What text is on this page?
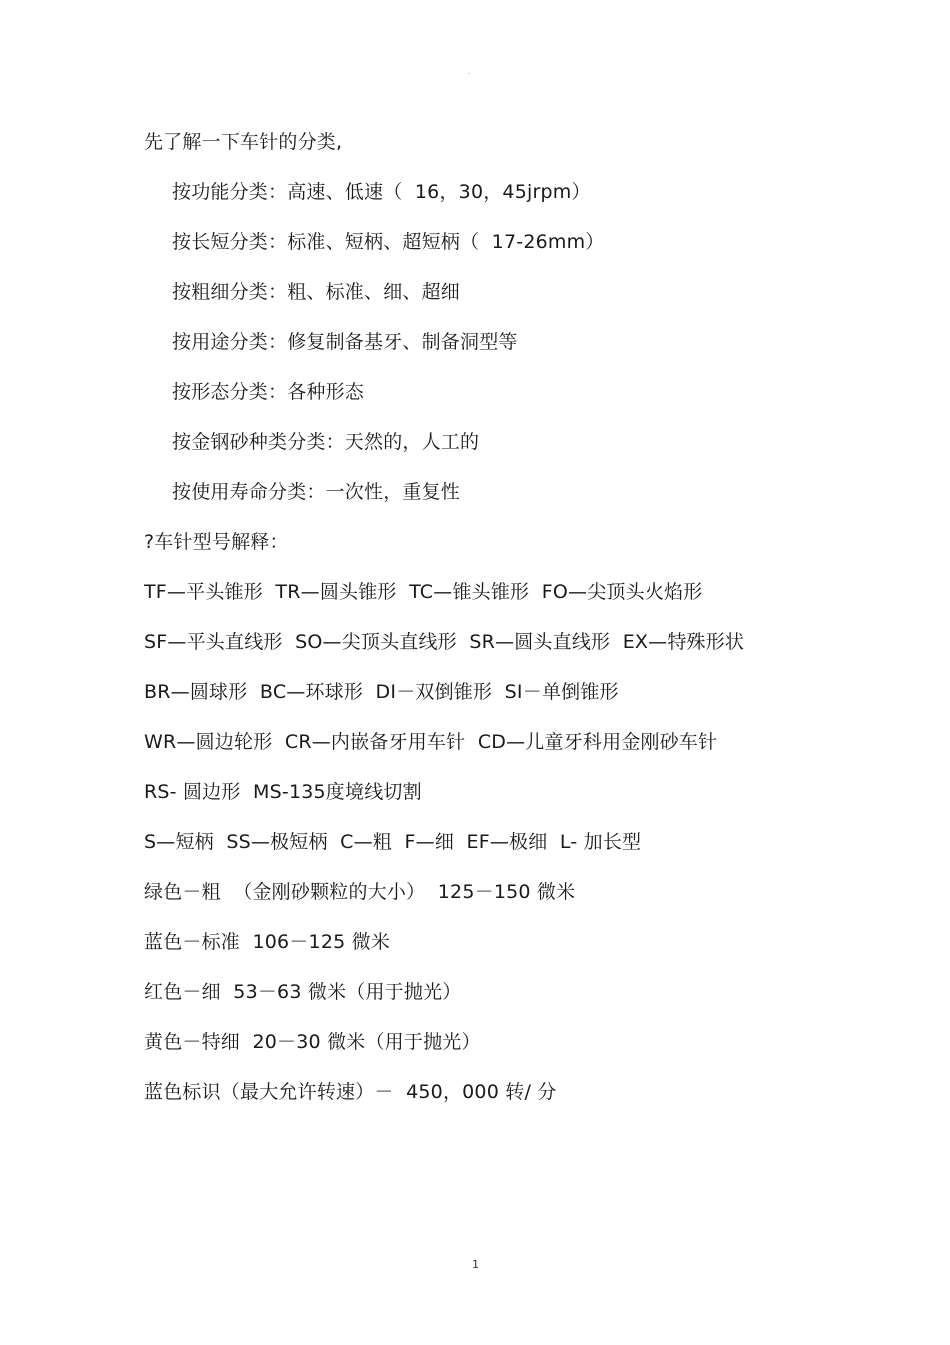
-
先了解一下车针的分类,
按功能分类：高速、低速（  16，30，45jrpm）
按长短分类：标准、短柄、超短柄（  17-26mm）
按粗细分类：粗、标准、细、超细
按用途分类：修复制备基牙、制备洞型等
按形态分类：各种形态
按金钢砂种类分类：天然的，人工的
按使用寿命分类：一次性，重复性
?车针型号解释：
TF—平头锥形  TR—圆头锥形  TC—锥头锥形  FO—尖顶头火焰形
SF—平头直线形  SO—尖顶头直线形  SR—圆头直线形  EX—特殊形状
BR—圆球形  BC—环球形  DI－双倒锥形  SI－单倒锥形
WR—圆边轮形  CR—内嵌备牙用车针  CD—儿童牙科用金刚砂车针
RS- 圆边形  MS-135度境线切割
S—短柄  SS—极短柄  C—粗  F—细  EF—极细  L- 加长型
绿色－粗  （金刚砂颗粒的大小）  125－150 微米
蓝色－标准  106－125 微米
红色－细  53－63 微米（用于抛光）
黄色－特细  20－30 微米（用于抛光）
蓝色标识（最大允许转速）－  450，000 转/ 分
1
